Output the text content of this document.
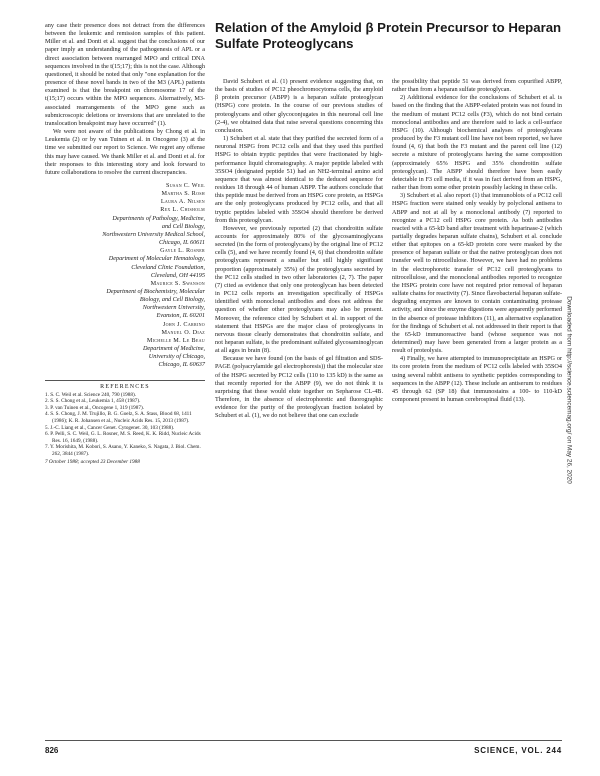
any case their presence does not detract from the differences between the leukemic and remission samples of this patient. Miller et al. and Donti et al. suggest that the conclusions of our paper imply an understanding of the pathogenesis of APL or a direct association between rearranged MPO and critical DNA sequences involved in the t(15;17); this is not the case. Although questioned, it should be noted that only "one explanation for the presence of these novel bands in two of the M3 (APL) patients examined is that the breakpoint on chromosome 17 of the t(15;17) occurs within the MPO sequences. Alternatively, M3-associated rearrangements of the MPO gene such as submicroscopic deletions or inversions that are unrelated to the translocation breakpoint may have occurred" (1).

We were not aware of the publications by Chong et al. in Leukemia (2) or by van Tuinen et al. in Oncogene (3) at the time we submitted our report to Science. We regret any offense this may have caused. We thank Miller et al. and Donti et al. for their responses to this interesting story and look forward to future collaborations to resolve the current discrepancies.

Susan C. Weil

Martha S. Rosh

Laura A. Nilsen

Rex L. Chisholm

Departments of Pathology, Medicine,

and Cell Biology,

Northwestern University Medical School,

Chicago, IL 60611

Gayle L. Rosner

Department of Molecular Hematology,

Cleveland Clinic Foundation,

Cleveland, OH 44195

Maurice S. Swanson

Department of Biochemistry, Molecular

Biology, and Cell Biology,

Northwestern University,

Evanston, IL 60201

John J. Carrino

Manuel O. Diaz

Michelle M. Le Beau

Department of Medicine,

University of Chicago,

Chicago, IL 60637

REFERENCES
1. S. C. Weil et al. Science 240, 790 (1988).
2. S. S. Chong et al., Leukemia 1, 458 (1987).
3. P. van Tuinen et al., Oncogene 1, 319 (1987).
4. S. S. Chong, J. M. Trujillo, B. G. Goelz, S. A. Stass, Blood 68, 1411 (1986); K. R. Johansen et al., Nucleic Acids Res. 15, 2013 (1987).
5. J.-C. Liang et al., Cancer Genet. Cytogenet. 30, 103 (1988).
6. P. Pelli, S. C. Weil, G. L. Rosner, M. S. Reed, K. K. Ridd, Nucleic Acids Res. 16, 1649, (1988).
7. Y. Morishita, M. Kobori, S. Asano, Y. Kaneko, S. Nagata, J. Biol. Chem. 262, 3844 (1987).
7 October 1988; accepted 23 December 1988
Relation of the Amyloid β Protein Precursor to Heparan Sulfate Proteoglycans

David Schubert et al. (1) present evidence suggesting that, on the basis of studies of PC12 pheochromocytoma cells, the amyloid β protein precursor (ABPP) is a heparan sulfate proteoglycan (HSPG) core protein. In the course of our previous studies of proteoglycans and other glycoconjugates in this neuronal cell line (2-4), we obtained data that raise several questions concerning this conclusion.

1) Schubert et al. state that they purified the secreted form of a neuronal HSPG from PC12 cells and that they used this purified HSPG to obtain tryptic peptides that were fractionated by high-performance liquid chromatography. A major peptide labeled with 35SO4 (designated peptide 51) had an NH2-terminal amino acid sequence that was almost identical to the deduced sequence for residues 18 through 44 of human ABPP. The authors conclude that this peptide must be derived from an HSPG core protein, as HSPGs are the only proteoglycans produced by PC12 cells, and that all tryptic peptides labeled with 35SO4 should therefore be derived from this proteoglycan.

However, we previously reported (2) that chondroitin sulfate accounts for approximately 80% of the glycosaminoglycans secreted (in the form of proteoglycans) by the original line of PC12 cells (5), and we have recently found (4, 6) that chondroitin sulfate proteoglycans represent a smaller but still highly significant proportion (approximately 35%) of the proteoglycans secreted by the PC12 cells studied in two other laboratories (2, 7). The paper (7) cited as evidence that only one proteoglycan has been detected in PC12 cells reports an investigation specifically of HSPGs identified with monoclonal antibodies and does not address the question of whether other proteoglycans may also be present. Moreover, the reference cited by Schubert et al. in support of the statement that HSPGs are the major class of proteoglycans in nervous tissue clearly demonstrates that chondroitin sulfate, and not heparan sulfate, is the predominant sulfated glycosaminoglycan at all ages in brain (8).

Because we have found (on the basis of gel filtration and SDS-PAGE (polyacrylamide gel electrophoresis)) that the molecular size of the HSPG secreted by PC12 cells (110 to 135 kD) is the same as that recently reported for the ABPP (9), we do not think it is surprising that these would elute together on Sepharose CL-4B. Therefore, in the absence of electrophoretic and fluorographic evidence for the purity of the proteoglycan fraction isolated by Schubert et al. (1), we do not believe that one can exclude

the possibility that peptide 51 was derived from copurified ABPP, rather than from a heparan sulfate proteoglycan.

2) Additional evidence for the conclusions of Schubert et al. is based on the finding that the ABPP-related protein was not found in the medium of mutant PC12 cells (F3), which do not bind certain monoclonal antibodies and are therefore said to lack a cell-surface HSPG (10). Although biochemical analyses of proteoglycans produced by the F3 mutant cell line have not been reported, we have found (4, 6) that both the F3 mutant and the parent cell line (12) secrete a mixture of proteoglycans having the same composition (approximately 65% HSPG and 35% chondroitin sulfate proteoglycan). The ABPP should therefore have been easily detectable in F3 cell media, if it was in fact derived from an HSPG, rather than from some other protein possibly lacking in these cells.

3) Schubert et al. also report (1) that immunoblots of a PC12 cell HSPG fraction were stained only weakly by polyclonal antisera to ABPP and not at all by a monoclonal antibody (7) reported to recognize a PC12 cell HSPG core protein. As both antibodies reacted with a 65-kD band after treatment with heparinase-2 (which partially degrades heparan sulfate chains), Schubert et al. conclude either that epitopes on a 65-kD protein core were masked by the presence of heparan sulfate or that the native proteoglycan does not transfer well to nitrocellulose. However, we have had no problems in the electrophoretic transfer of PC12 cell proteoglycans to nitrocellulose, and the monoclonal antibodies reported to recognize the HSPG protein core have not required prior removal of heparan sulfate chains for reactivity (7). Since flavobacterial heparan sulfate-degrading enzymes are known to contain contaminating protease activity, and since the enzyme digestions were apparently performed in the absence of protease inhibitors (11), an alternative explanation for the findings of Schubert et al. not addressed in their report is that the 65-kD immunoreactive band (whose sequence was not determined) may have been generated from a larger protein as a result of proteolysis.

4) Finally, we have attempted to immunoprecipitate an HSPG or its core protein from the medium of PC12 cells labeled with 35SO4 using several rabbit antisera to synthetic peptides corresponding to sequences in the ABPP (12). These include an antiserum to residues 45 through 62 (SP 18) that immunostains a 100- to 110-kD component present in human cerebrospinal fluid (13).	Downloaded from http://science.sciencemag.org/ on May 26, 2020
826	SCIENCE, VOL. 244
